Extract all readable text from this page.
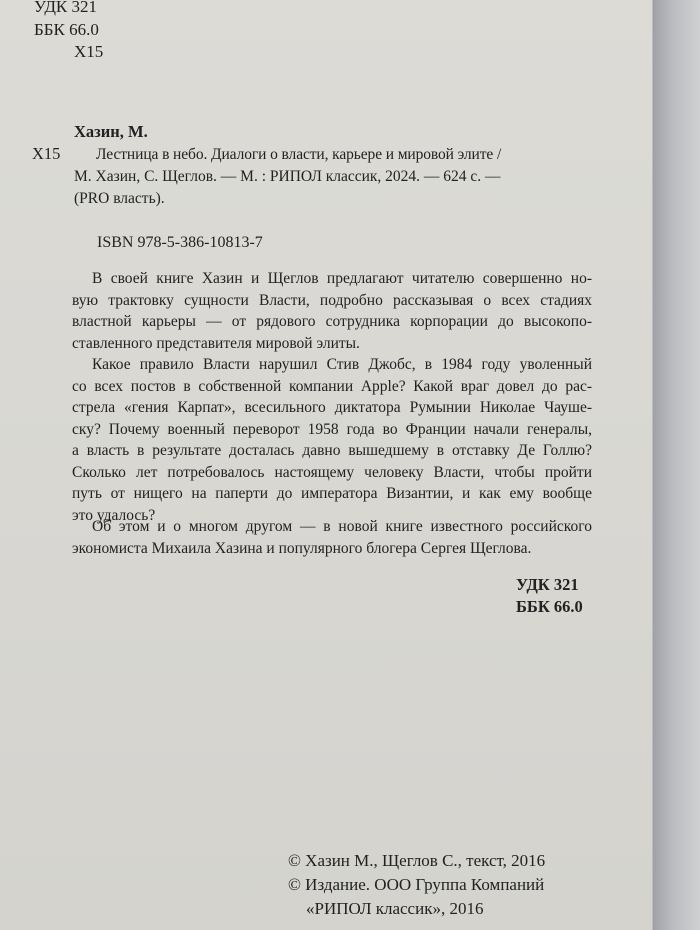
УДК 321
ББК 66.0
Х15
Хазин, М.
Х15 Лестница в небо. Диалоги о власти, карьере и мировой элите /
М. Хазин, С. Щеглов. — М. : РИПОЛ классик, 2024. — 624 с. —
(PRO власть).
ISBN 978-5-386-10813-7
В своей книге Хазин и Щеглов предлагают читателю совершенно но-
вую трактовку сущности Власти, подробно рассказывая о всех стадиях
властной карьеры — от рядового сотрудника корпорации до высокопо-
ставленного представителя мировой элиты.
Какое правило Власти нарушил Стив Джобс, в 1984 году уволенный
со всех постов в собственной компании Apple? Какой враг довел до рас-
стрела «гения Карпат», всесильного диктатора Румынии Николае Чауше-
ску? Почему военный переворот 1958 года во Франции начали генералы,
а власть в результате досталась давно вышедшему в отставку Де Голлю?
Сколько лет потребовалось настоящему человеку Власти, чтобы пройти
путь от нищего на паперти до императора Византии, и как ему вообще
это удалось?
Об этом и о многом другом — в новой книге известного российского
экономиста Михаила Хазина и популярного блогера Сергея Щеглова.
УДК 321
ББК 66.0
© Хазин М., Щеглов С., текст, 2016
© Издание. ООО Группа Компаний
«РИПОЛ классик», 2016
